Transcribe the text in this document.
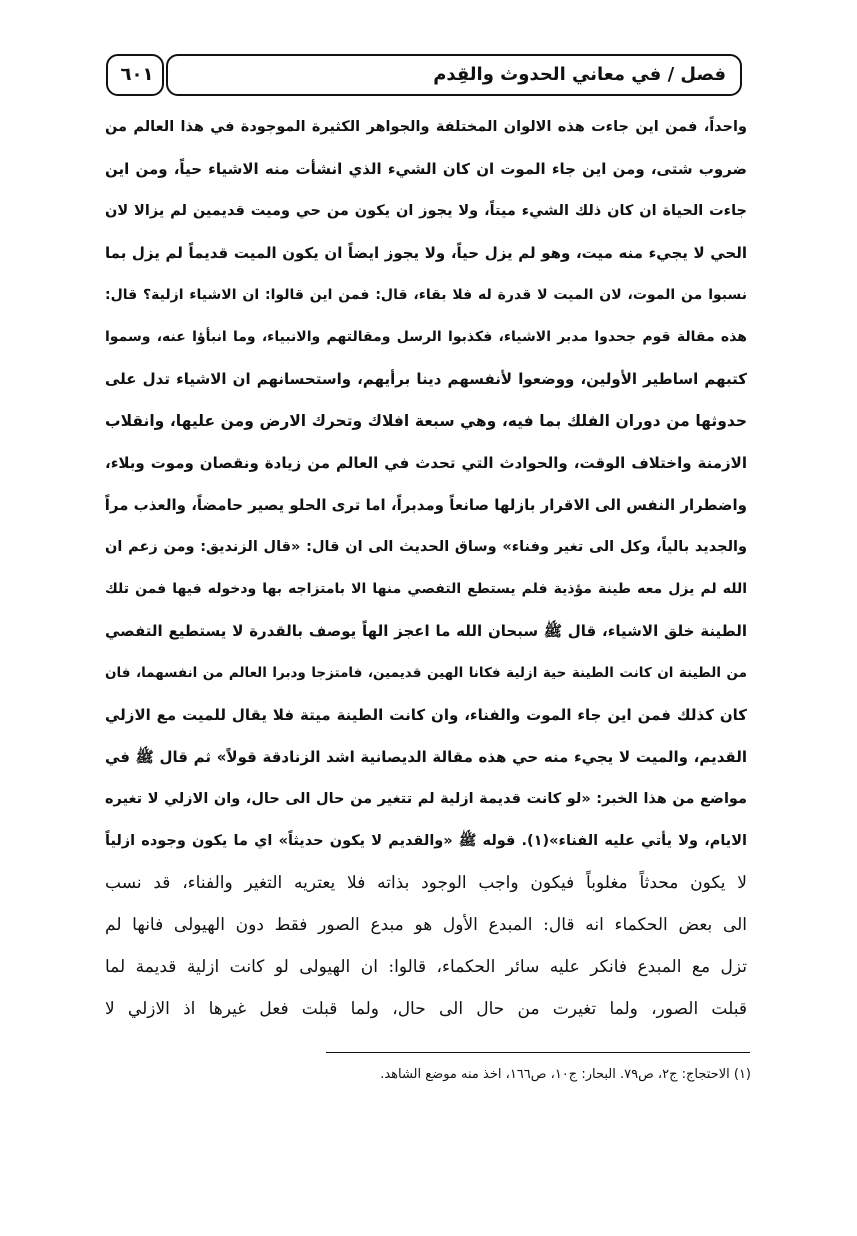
فصل / في معاني الحدوث والقِدم
٦٠١
واحداً، فمن اين جاءت هذه الالوان المختلفة والجواهر الكثيرة الموجودة في هذا العالم من
ضروب شتى، ومن اين جاء الموت ان كان الشيء الذي انشأت منه الاشياء حياً، ومن اين
جاءت الحياة ان كان ذلك الشيء ميتاً، ولا يجوز ان يكون من حي وميت قديمين لم يزالا لان
الحي لا يجيء منه ميت، وهو لم يزل حياً، ولا يجوز ايضاً ان يكون الميت قديماً لم يزل بما
نسبوا من الموت، لان الميت لا قدرة له فلا بقاء، قال: فمن اين قالوا: ان الاشياء ازلية؟ قال:
هذه مقالة قوم جحدوا مدبر الاشياء، فكذبوا الرسل ومقالتهم والانبياء، وما انبأؤا عنه، وسموا
كتبهم اساطير الأولين، ووضعوا لأنفسهم دينا برأيهم، واستحسانهم ان الاشياء تدل على
حدوثها من دوران الفلك بما فيه، وهي سبعة افلاك وتحرك الارض ومن عليها، وانقلاب
الازمنة واختلاف الوقت، والحوادث التي تحدث في العالم من زيادة ونقصان وموت وبلاء،
واضطرار النفس الى الاقرار بازلها صانعاً ومدبراً، اما ترى الحلو يصير حامضاً، والعذب مراً
والجديد بالياً، وكل الى تغير وفناء» وساق الحديث الى ان قال: «قال الزنديق: ومن زعم ان
الله لم يزل معه طينة مؤذية فلم يستطع التفصي منها الا بامتزاجه بها ودخوله فيها فمن تلك
الطينة خلق الاشياء، قال ﷺ سبحان الله ما اعجز الهاً يوصف بالقدرة لا يستطيع التفصي
من الطينة ان كانت الطينة حية ازلية فكانا الهين قديمين، فامتزجا ودبرا العالم من انفسهما، فان
كان كذلك فمن اين جاء الموت والفناء، وان كانت الطينة ميتة فلا يقال للميت مع الازلي
القديم، والميت لا يجيء منه حي هذه مقالة الديصانية اشد الزنادقة قولاً» ثم قال ﷺ في
مواضع من هذا الخبر: «لو كانت قديمة ازلية لم تتغير من حال الى حال، وان الازلي لا تغيره
الايام، ولا يأتي عليه الفناء»(١). قوله ﷺ «والقديم لا يكون حديثاً» اي ما يكون وجوده ازلياً
لا يكون محدثاً مغلوباً فيكون واجب الوجود بذاته فلا يعتريه التغير والفناء، قد نسب
الى بعض الحكماء انه قال: المبدع الأول هو مبدع الصور فقط دون الهيولى فانها لم
تزل مع المبدع فانكر عليه سائر الحكماء، قالوا: ان الهيولى لو كانت ازلية قديمة لما
قبلت الصور، ولما تغيرت من حال الى حال، ولما قبلت فعل غيرها اذ الازلي لا
(١) الاحتجاج: ج٢، ص٧٩. البحار: ج١٠، ص١٦٦، اخذ منه موضع الشاهد.
